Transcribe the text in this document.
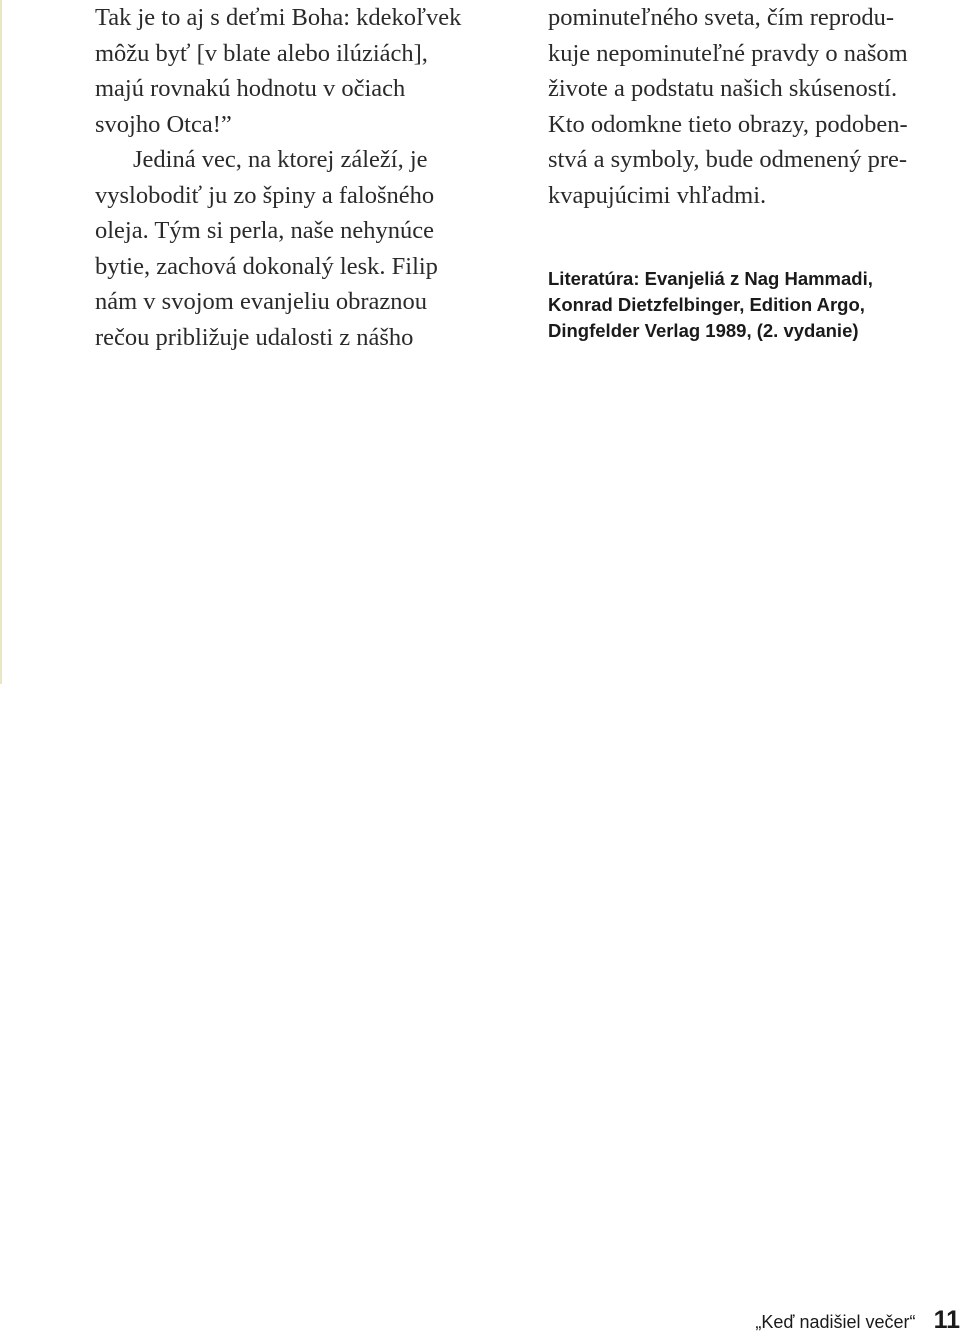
Tak je to aj s deťmi Boha: kdekoľvek
môžu byť [v blate alebo ilúziách],
majú rovnakú hodnotu v očiach
svojho Otca!”
Jediná vec, na ktorej záleží, je
vyslobodiť ju zo špiny a falošného
oleja. Tým si perla, naše nehynúce
bytie, zachová dokonalý lesk. Filip
nám v svojom evanjeliu obraznou
rečou približuje udalosti z nášho
pominuteľného sveta, čím reprodu-
kuje nepominuteľné pravdy o našom
živote a podstatu našich skúseností.
Kto odomkne tieto obrazy, podoben-
stvá a symboly, bude odmenený pre-
kvapujúcimi vhľadmi.
Literatúra: Evanjeliá z Nag Hammadi,
Konrad Dietzfelbinger, Edition Argo,
Dingfelder Verlag 1989, (2. vydanie)
„Keď nadišiel večer“ 11
